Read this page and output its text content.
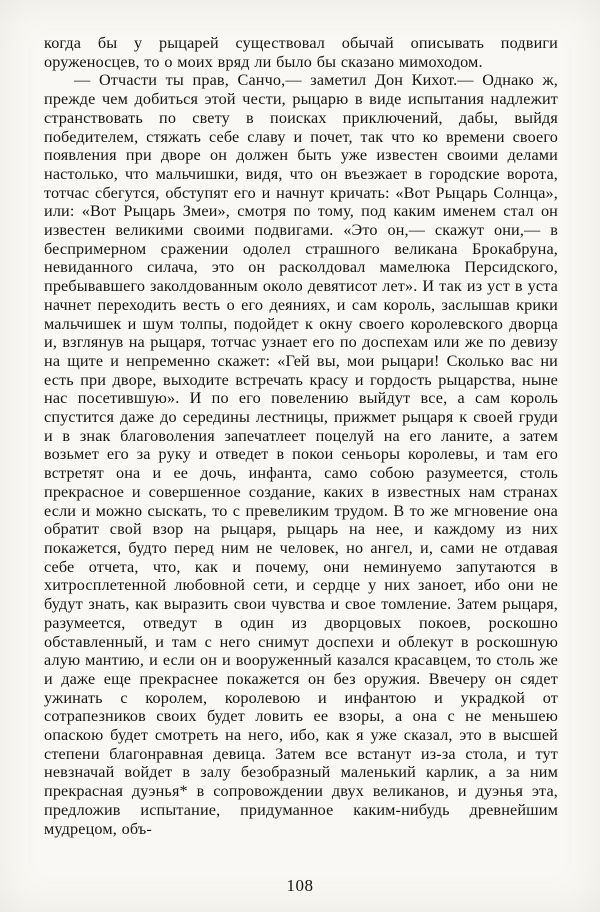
когда бы у рыцарей существовал обычай описывать подвиги оруженосцев, то о моих вряд ли было бы сказано мимоходом.

— Отчасти ты прав, Санчо,— заметил Дон Кихот.— Однако ж, прежде чем добиться этой чести, рыцарю в виде испытания надлежит странствовать по свету в поисках приключений, дабы, выйдя победителем, стяжать себе славу и почет, так что ко времени своего появления при дворе он должен быть уже известен своими делами настолько, что мальчишки, видя, что он въезжает в городские ворота, тотчас сбегутся, обступят его и начнут кричать: «Вот Рыцарь Солнца», или: «Вот Рыцарь Змеи», смотря по тому, под каким именем стал он известен великими своими подвигами. «Это он,— скажут они,— в беспримерном сражении одолел страшного великана Брокабруна, невиданного силача, это он расколдовал мамелюка Персидского, пребывавшего заколдованным около девятисот лет». И так из уст в уста начнет переходить весть о его деяниях, и сам король, заслышав крики мальчишек и шум толпы, подойдет к окну своего королевского дворца и, взглянув на рыцаря, тотчас узнает его по доспехам или же по девизу на щите и непременно скажет: «Гей вы, мои рыцари! Сколько вас ни есть при дворе, выходите встречать красу и гордость рыцарства, ныне нас посетившую». И по его повелению выйдут все, а сам король спустится даже до середины лестницы, прижмет рыцаря к своей груди и в знак благоволения запечатлеет поцелуй на его ланите, а затем возьмет его за руку и отведет в покои сеньоры королевы, и там его встретят она и ее дочь, инфанта, само собою разумеется, столь прекрасное и совершенное создание, каких в известных нам странах если и можно сыскать, то с превеликим трудом. В то же мгновение она обратит свой взор на рыцаря, рыцарь на нее, и каждому из них покажется, будто перед ним не человек, но ангел, и, сами не отдавая себе отчета, что, как и почему, они неминуемо запутаются в хитросплетенной любовной сети, и сердце у них заноет, ибо они не будут знать, как выразить свои чувства и свое томление. Затем рыцаря, разумеется, отведут в один из дворцовых покоев, роскошно обставленный, и там с него снимут доспехи и облекут в роскошную алую мантию, и если он и вооруженный казался красавцем, то столь же и даже еще прекраснее покажется он без оружия. Ввечеру он сядет ужинать с королем, королевою и инфантою и украдкой от сотрапезников своих будет ловить ее взоры, а она с не меньшею опаскою будет смотреть на него, ибо, как я уже сказал, это в высшей степени благонравная девица. Затем все встанут из-за стола, и тут невзначай войдет в залу безобразный маленький карлик, а за ним прекрасная дуэнья* в сопровождении двух великанов, и дуэнья эта, предложив испытание, придуманное каким-нибудь древнейшим мудрецом, объ-

108
